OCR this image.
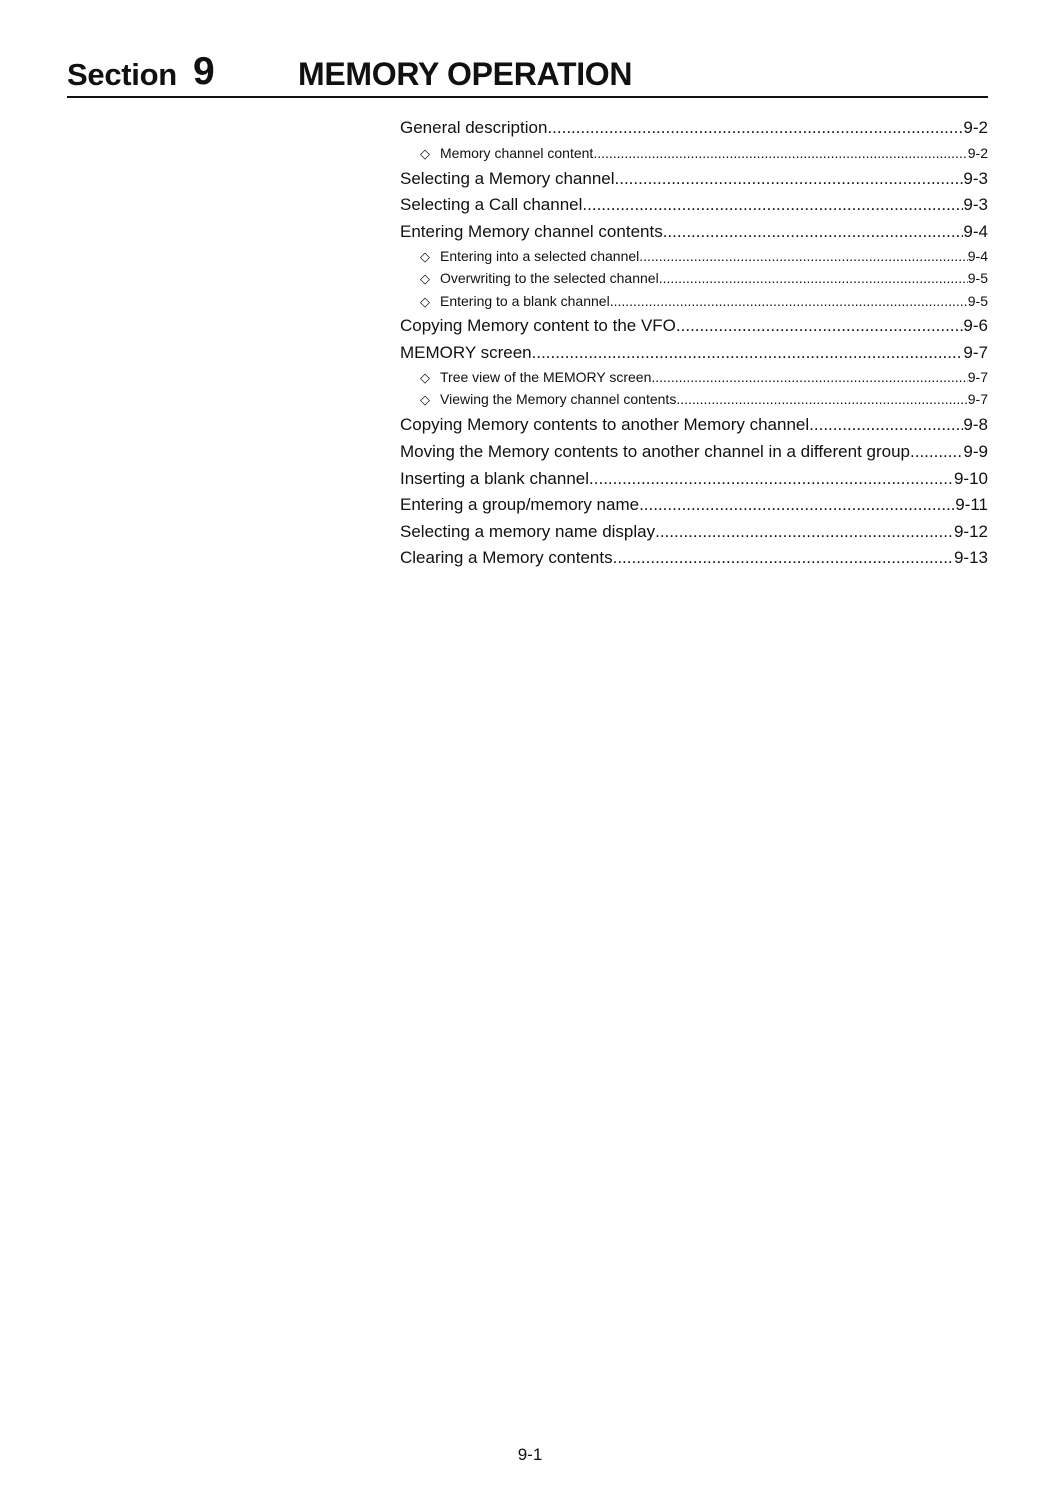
Section 9	MEMORY OPERATION
General description .....	9-2
◇ Memory channel content .....	9-2
Selecting a Memory channel .....	9-3
Selecting a Call channel .....	9-3
Entering Memory channel contents .....	9-4
◇ Entering into a selected channel .....	9-4
◇ Overwriting to the selected channel .....	9-5
◇ Entering to a blank channel .....	9-5
Copying Memory content to the VFO .....	9-6
MEMORY screen .....	9-7
◇ Tree view of the MEMORY screen .....	9-7
◇ Viewing the Memory channel contents .....	9-7
Copying Memory contents to another Memory channel .....	9-8
Moving the Memory contents to another channel in a different group .....	9-9
Inserting a blank channel .....	9-10
Entering a group/memory name .....	9-11
Selecting a memory name display .....	9-12
Clearing a Memory contents .....	9-13
9-1
